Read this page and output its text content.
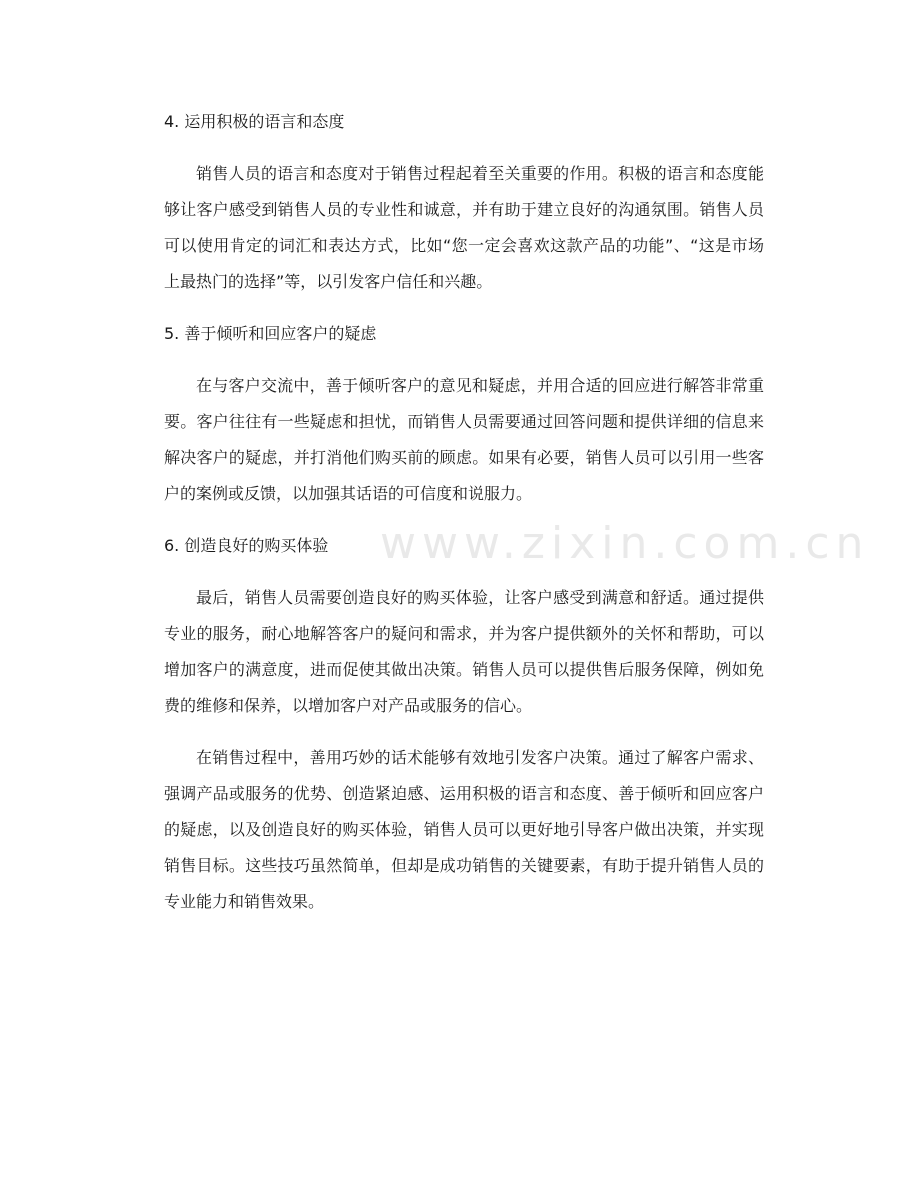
www.zixin.com.cn

4. 运用积极的语言和态度

销售人员的语言和态度对于销售过程起着至关重要的作用。积极的语言和态度能够让客户感受到销售人员的专业性和诚意，并有助于建立良好的沟通氛围。销售人员可以使用肯定的词汇和表达方式，比如“您一定会喜欢这款产品的功能”、“这是市场上最热门的选择”等，以引发客户信任和兴趣。

5. 善于倾听和回应客户的疑虑

在与客户交流中，善于倾听客户的意见和疑虑，并用合适的回应进行解答非常重要。客户往往有一些疑虑和担忧，而销售人员需要通过回答问题和提供详细的信息来解决客户的疑虑，并打消他们购买前的顾虑。如果有必要，销售人员可以引用一些客户的案例或反馈，以加强其话语的可信度和说服力。

6. 创造良好的购买体验

最后，销售人员需要创造良好的购买体验，让客户感受到满意和舒适。通过提供专业的服务，耐心地解答客户的疑问和需求，并为客户提供额外的关怀和帮助，可以增加客户的满意度，进而促使其做出决策。销售人员可以提供售后服务保障，例如免费的维修和保养，以增加客户对产品或服务的信心。

在销售过程中，善用巧妙的话术能够有效地引发客户决策。通过了解客户需求、强调产品或服务的优势、创造紧迫感、运用积极的语言和态度、善于倾听和回应客户的疑虑，以及创造良好的购买体验，销售人员可以更好地引导客户做出决策，并实现销售目标。这些技巧虽然简单，但却是成功销售的关键要素，有助于提升销售人员的专业能力和销售效果。
